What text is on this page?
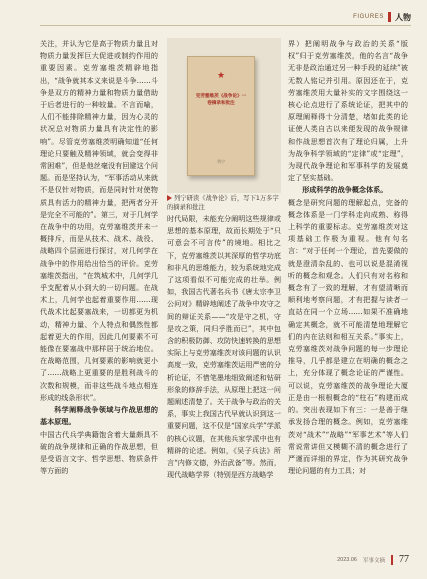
FIGURES 人物

关注，并认为它是高于物质力量且对物质力量发挥巨大促进或制约作用的重要因素。克劳塞维茨精辟地指出，“战争就其本义来说是斗争……斗争是双方的精神力量和物质力量借助于后者进行的一种较量。不言而喻，人们不能排除精神力量，因为心灵的状况总对物质力量具有决定性的影响”。尽管克劳塞维茨明确知道“任何理论只要触及精神领域，就会变得非常困难”，但是他丝毫没有回避这个问题。而是坚持认为，“军事活动从来就不是仅针对物质，而是同时针对使物质具有活力的精神力量，把两者分开是完全不可能的”。第三，对于几何学在战争中的功用，克劳塞维茨并未一概排斥，而是从技术、战术、战役、战略四个层面进行探讨，对几何学在战争中的作用给出恰当的评价。克劳塞维茨指出，“在筑城术中，几何学几乎支配着从小到大的一切问题。在战术上，几何学也起着重要作用……现代战术比起要塞战来，一切都更为机动，精神力量、个人特点和偶然性都起着更大的作用，因此几何要素不可能像在要塞战中那样居于统治地位。在战略范围，几何要素的影响就更小了……战略上更重要的是胜利战斗的次数和规模，而非这些战斗地点相连形成的线条形状”。

科学阐释战争领域与作战思想的基本原理。

中国古代兵学典籍饱含着大量颇具不破的战争规律和正确的作战思想，但是受语言文字、哲学思想、物质条件等方面的

★
克劳塞维茨《战争论》一卷摘录和批注
列宁
列宁研读《战争论》后，写下1万多字的摘录和批注

时代局限，未能充分阐明这些规律或思想的基本原理，故而长期处于“只可意会不可言传”的境地。相比之下，克劳塞维茨以其深厚的哲学功底和非凡的思维能力，较为系统地完成了这项看似不可能完成的壮举。例如，我国古代著名兵书《唐太宗李卫公问对》精辟地阐述了战争中攻守之间的辩证关系——“攻是守之机，守是攻之策，同归乎胜而已”，其中包含的积极防御、攻防快速转换的思想实际上与克劳塞维茨对该问题的认识高度一致，克劳塞维茨运用严密的分析论证，不惜笔墨地细致阐述和钻研形象的修辞手法，从原理上把这一问题阐述清楚了。关于战争与政治的关系，事实上我国古代早就认识到这一重要问题，这不仅是“国家兵学”学派的核心议题，在其他兵家学派中也有精辟的论述。例如，《吴子兵法》所言“内修文德，外治武备”等。然而，现代战略学界（特别是西方战略学

界）把阐明战争与政治的关系“版权”归于克劳塞维茨，他的名言“战争无非是政治通过另一种手段的延续”被无数人铭记并引用。原因还在于，克劳塞维茨用大量补实的文字围绕这一核心论点进行了系统论证，把其中的原理阐释得十分清楚，堵如此类的论证使人类自古以来便发现的战争规律和作战思想首次有了理论归属，上升为战争科学领域的“定律”或“定理”，为现代战争理论和军事科学的发展奠定了坚实基础。

形成科学的战争概念体系。

概念是研究问题的理解起点，完备的概念体系是一门学科走向成熟、称得上科学的重要标志。克劳塞维茨对这项基础工作极为重视。他有句名言：“对于任何一个理论，首先要做的就是澄清杂乱的、也可以说是混淆视听的概念和观念。人们只有对名称和概念有了一致的理解，才有望清晰而顺利地考察问题，才有把握与读者一直站在同一个立场……如果不准确地确定其概念，就不可能清楚地理解它们的内在法则和相互关系。”事实上，克劳塞维茨对战争问题的每一步理论推导，几乎都是建立在明确的概念之上，充分体现了概念论证的严谨性。可以说，克劳塞维茨的战争理论大厦正是由一根根概念的“柱石”构建而成的。突出表现如下有三：一是善于继承发扬合理的概念。例如，克劳塞维茨对“战术”“战略”“军事艺术”等人们常说常讲但又模糊不清的概念进行了严谨而详细的界定，作为其研究战争理论问题的有力工具；对

2023.06 军事文摘 77
